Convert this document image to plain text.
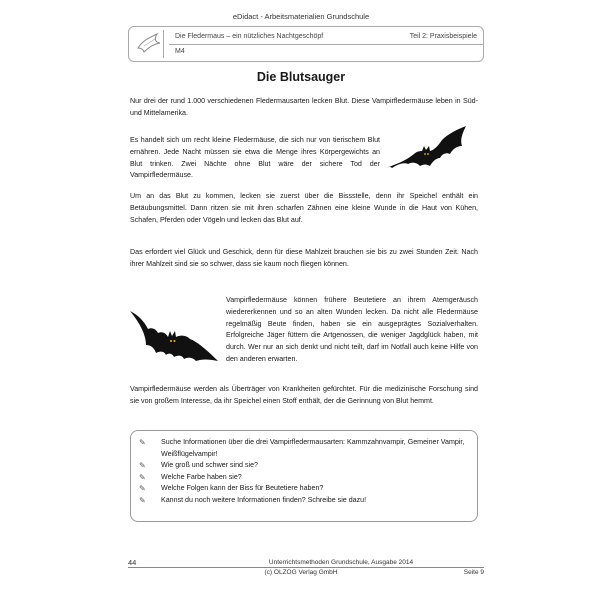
eDidact - Arbeitsmaterialien Grundschule
Die Fledermaus – ein nützliches Nachtgeschöpf	Teil 2: Praxisbeispiele
M4
Die Blutsauger

Nur drei der rund 1.000 verschiedenen Fledermausarten lecken Blut. Diese Vampirfledermäuse leben in Süd- und Mittelamerika.

Es handelt sich um recht kleine Fledermäuse, die sich nur von tierischem Blut ernähren. Jede Nacht müssen sie etwa die Menge ihres Körpergewichts an Blut trinken. Zwei Nächte ohne Blut wäre der sichere Tod der Vampirfledermäuse.

Um an das Blut zu kommen, lecken sie zuerst über die Bissstelle, denn ihr Speichel enthält ein Betäubungsmittel. Dann ritzen sie mit ihren scharfen Zähnen eine kleine Wunde in die Haut von Kühen, Schafen, Pferden oder Vögeln und lecken das Blut auf.

Das erfordert viel Glück und Geschick, denn für diese Mahlzeit brauchen sie bis zu zwei Stunden Zeit. Nach ihrer Mahlzeit sind sie so schwer, dass sie kaum noch fliegen können.

Vampirfledermäuse können frühere Beutetiere an ihrem Atemgeräusch wiedererkennen und so an alten Wunden lecken. Da nicht alle Fledermäuse regelmäßig Beute finden, haben sie ein ausgeprägtes Sozialverhalten. Erfolgreiche Jäger füttern die Artgenossen, die weniger Jagdglück haben, mit durch. Wer nur an sich denkt und nicht teilt, darf im Notfall auch keine Hilfe von den anderen erwarten.

Vampirfledermäuse werden als Überträger von Krankheiten gefürchtet. Für die medizinische Forschung sind sie von großem Interesse, da ihr Speichel einen Stoff enthält, der die Gerinnung von Blut hemmt.

✎ Suche Informationen über die drei Vampirfledermausarten: Kammzahnvampir, Gemeiner Vampir, Weißflügelvampir!
✎ Wie groß und schwer sind sie?
✎ Welche Farbe haben sie?
✎ Welche Folgen kann der Biss für Beutetiere haben?
✎ Kannst du noch weitere Informationen finden? Schreibe sie dazu!
44	Unterrichtsmethoden Grundschule, Ausgabe 2014
(c) OLZOG Verlag GmbH	Seite 9
